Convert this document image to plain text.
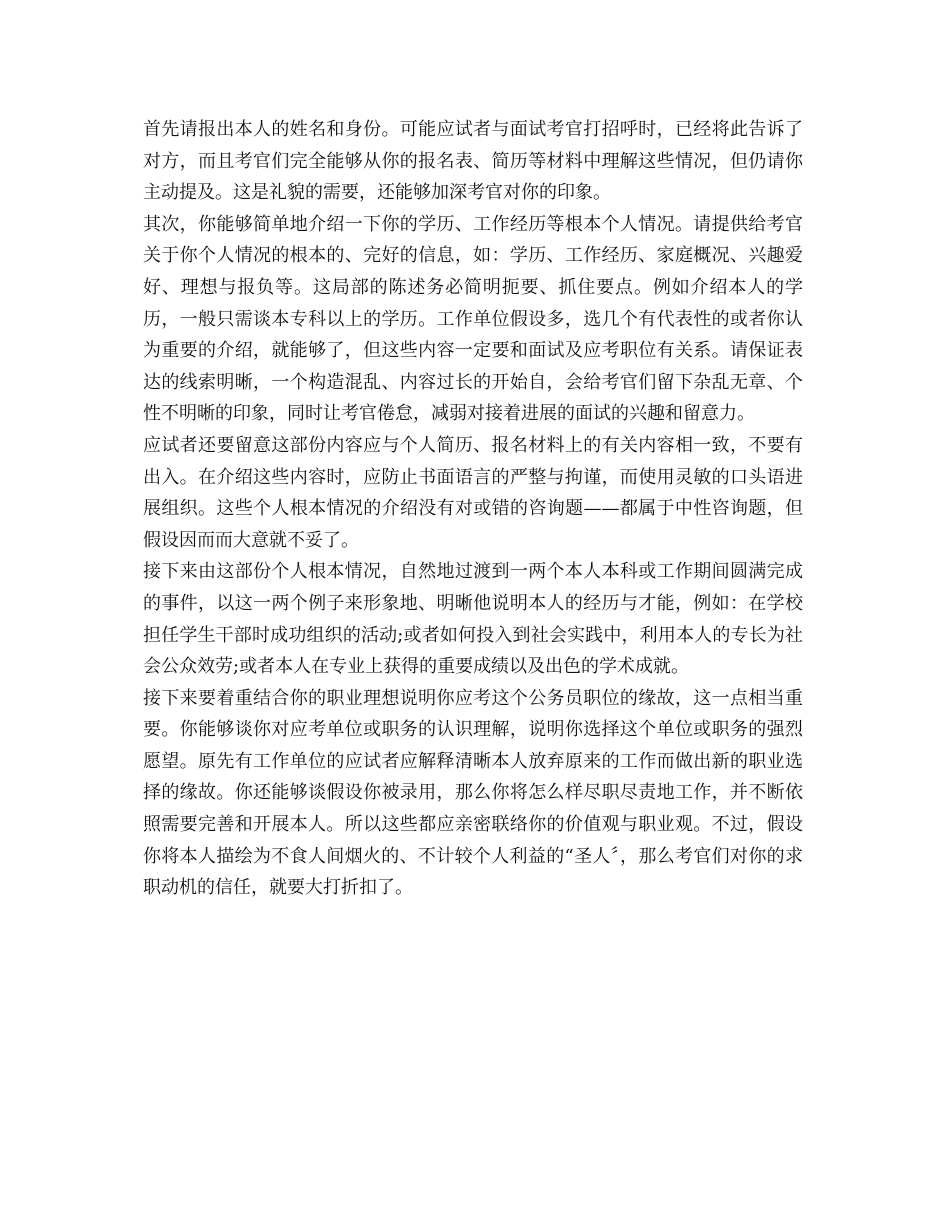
首先请报出本人的姓名和身份。可能应试者与面试考官打招呼时，已经将此告诉了对方，而且考官们完全能够从你的报名表、简历等材料中理解这些情况，但仍请你主动提及。这是礼貌的需要，还能够加深考官对你的印象。

其次，你能够简单地介绍一下你的学历、工作经历等根本个人情况。请提供给考官关于你个人情况的根本的、完好的信息，如：学历、工作经历、家庭概况、兴趣爱好、理想与报负等。这局部的陈述务必简明扼要、抓住要点。例如介绍本人的学历，一般只需谈本专科以上的学历。工作单位假设多，选几个有代表性的或者你认为重要的介绍，就能够了，但这些内容一定要和面试及应考职位有关系。请保证表达的线索明晰，一个构造混乱、内容过长的开始自，会给考官们留下杂乱无章、个性不明晰的印象，同时让考官倦怠，减弱对接着进展的面试的兴趣和留意力。

应试者还要留意这部份内容应与个人简历、报名材料上的有关内容相一致，不要有出入。在介绍这些内容时，应防止书面语言的严整与拘谨，而使用灵敏的口头语进展组织。这些个人根本情况的介绍没有对或错的咨询题——都属于中性咨询题，但假设因而而大意就不妥了。

接下来由这部份个人根本情况，自然地过渡到一两个本人本科或工作期间圆满完成的事件，以这一两个例子来形象地、明晰他说明本人的经历与才能，例如：在学校担任学生干部时成功组织的活动;或者如何投入到社会实践中，利用本人的专长为社会公众效劳;或者本人在专业上获得的重要成绩以及出色的学术成就。

接下来要着重结合你的职业理想说明你应考这个公务员职位的缘故，这一点相当重要。你能够谈你对应考单位或职务的认识理解，说明你选择这个单位或职务的强烈愿望。原先有工作单位的应试者应解释清晰本人放弃原来的工作而做出新的职业选择的缘故。你还能够谈假设你被录用，那么你将怎么样尽职尽责地工作，并不断依照需要完善和开展本人。所以这些都应亲密联络你的价值观与职业观。不过，假设你将本人描绘为不食人间烟火的、不计较个人利益的“圣人〞，那么考官们对你的求职动机的信任，就要大打折扣了。
